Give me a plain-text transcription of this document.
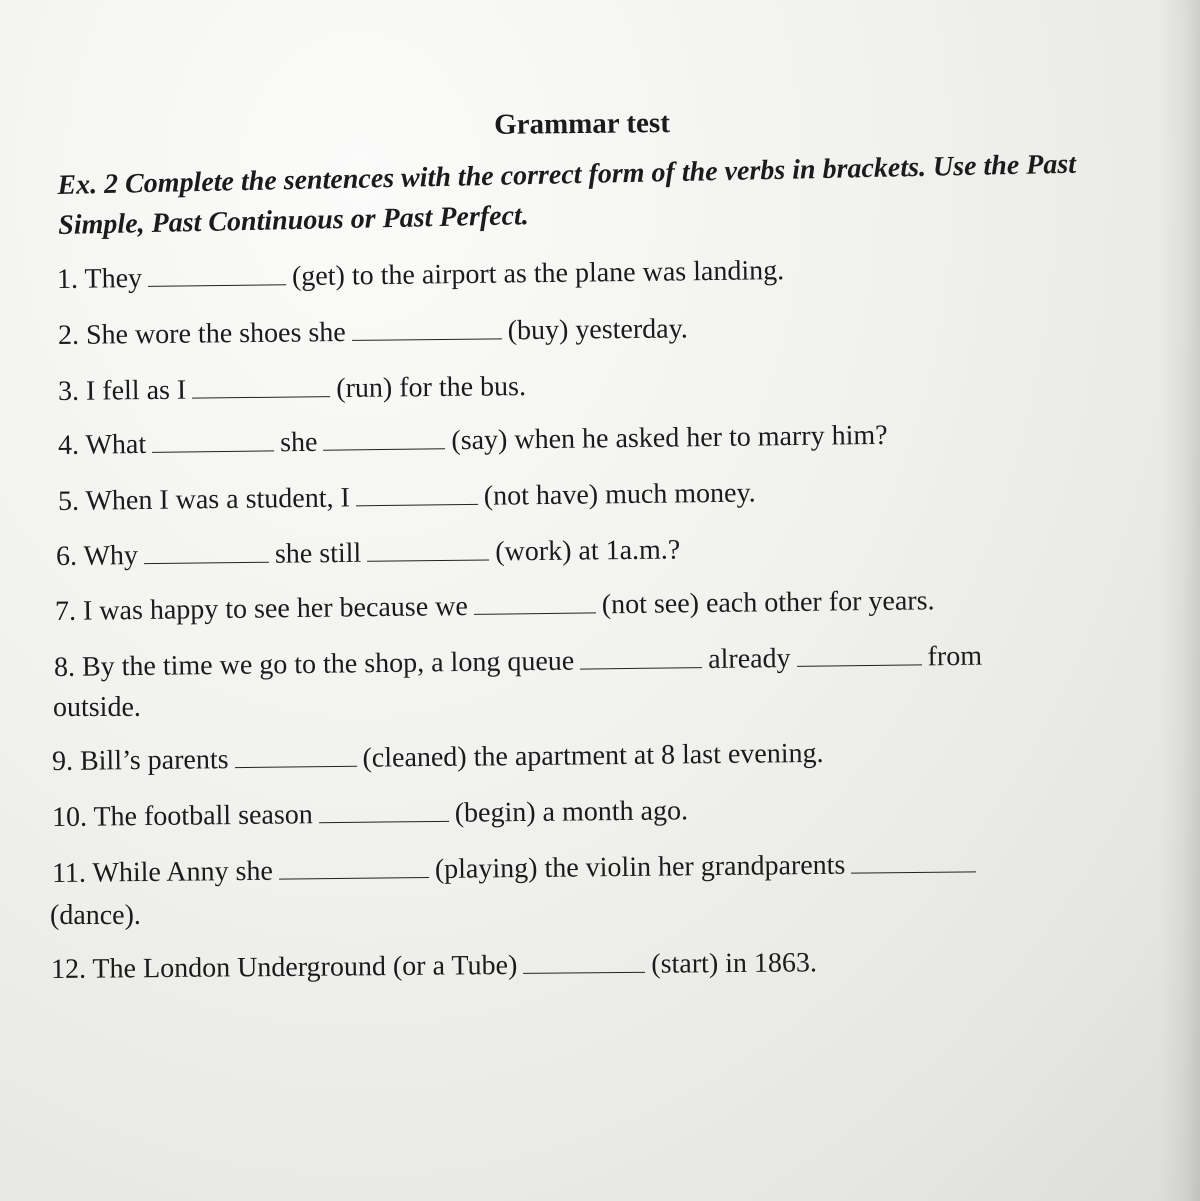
Grammar test
Ex. 2 Complete the sentences with the correct form of the verbs in brackets. Use the Past Simple, Past Continuous or Past Perfect.
1. They	(get) to the airport as the plane was landing.
2. She wore the shoes she	(buy) yesterday.
3. I fell as I	(run) for the bus.
4. What	she	(say) when he asked her to marry him?
5. When I was a student, I	(not have) much money.
6. Why	she still	(work) at 1a.m.?
7. I was happy to see her because we	(not see) each other for years.
8. By the time we go to the shop, a long queue	already	from
outside.
9. Bill’s parents	(cleaned) the apartment at 8 last evening.
10. The football season	(begin) a month ago.
11. While Anny she	(playing) the violin her grandparents
(dance).
12. The London Underground (or a Tube)	(start) in 1863.
